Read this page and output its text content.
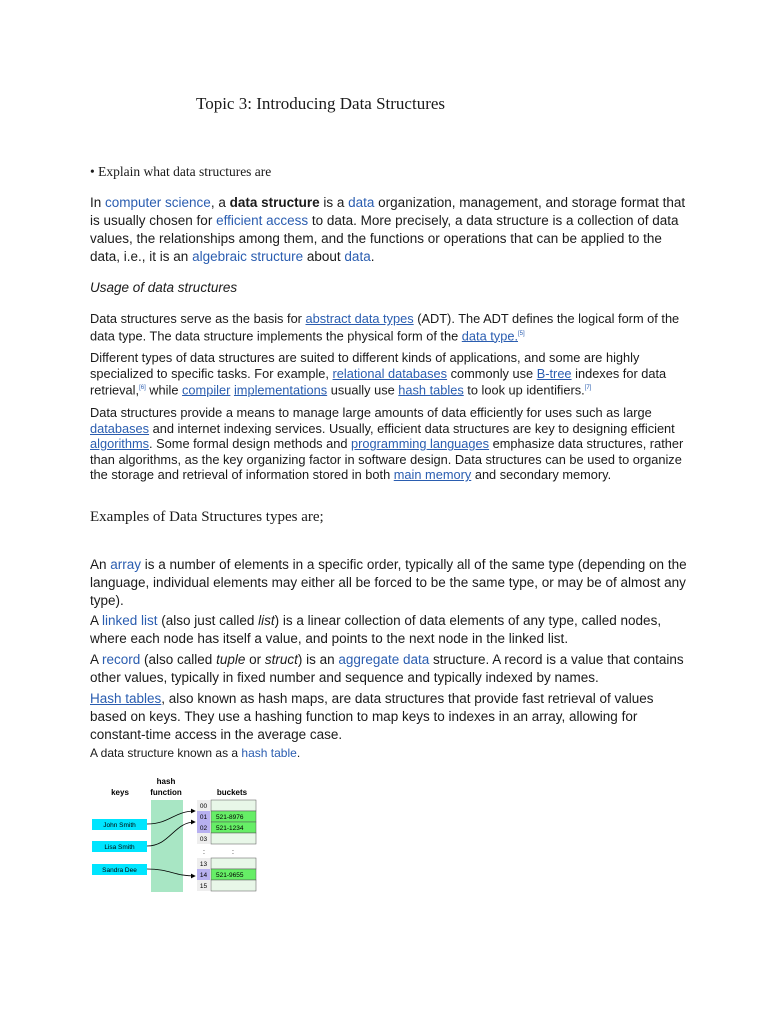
Topic 3: Introducing Data Structures

• Explain what data structures are

In computer science, a data structure is a data organization, management, and storage format that is usually chosen for efficient access to data. More precisely, a data structure is a collection of data values, the relationships among them, and the functions or operations that can be applied to the data, i.e., it is an algebraic structure about data.

Usage of data structures

Data structures serve as the basis for abstract data types (ADT). The ADT defines the logical form of the data type. The data structure implements the physical form of the data type.[5]

Different types of data structures are suited to different kinds of applications, and some are highly specialized to specific tasks. For example, relational databases commonly use B-tree indexes for data retrieval,[6] while compiler implementations usually use hash tables to look up identifiers.[7]

Data structures provide a means to manage large amounts of data efficiently for uses such as large databases and internet indexing services. Usually, efficient data structures are key to designing efficient algorithms. Some formal design methods and programming languages emphasize data structures, rather than algorithms, as the key organizing factor in software design. Data structures can be used to organize the storage and retrieval of information stored in both main memory and secondary memory.

Examples of Data Structures types are;

An array is a number of elements in a specific order, typically all of the same type (depending on the language, individual elements may either all be forced to be the same type, or may be of almost any type).

A linked list (also just called list) is a linear collection of data elements of any type, called nodes, where each node has itself a value, and points to the next node in the linked list.

A record (also called tuple or struct) is an aggregate data structure. A record is a value that contains other values, typically in fixed number and sequence and typically indexed by names.

Hash tables, also known as hash maps, are data structures that provide fast retrieval of values based on keys. They use a hashing function to map keys to indexes in an array, allowing for constant-time access in the average case.

A data structure known as a hash table.

keys
hash
function	buckets
John Smith
Lisa Smith
Sandra Dee
00
01 521-8976
02 521-1234
03
:	:
13
14 521-9655
15
